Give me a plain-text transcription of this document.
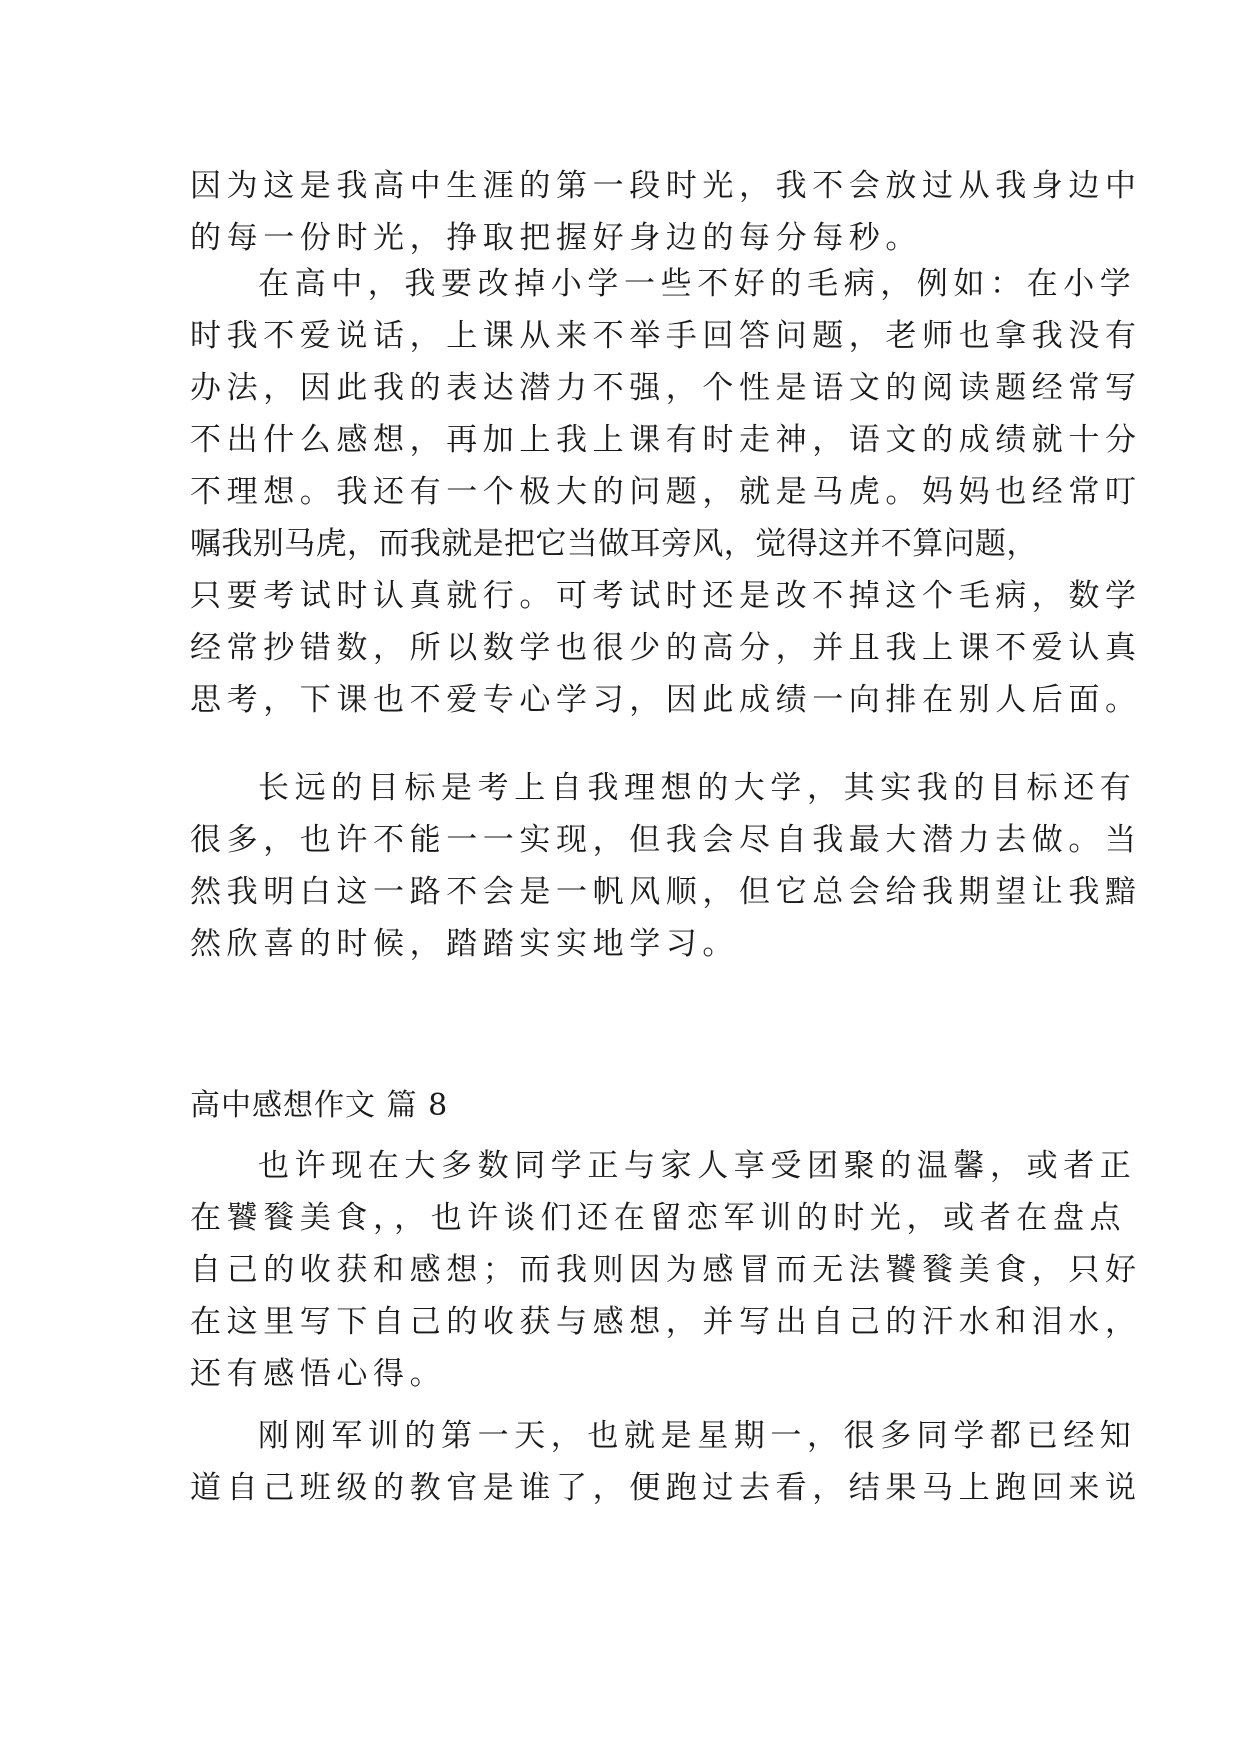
因为这是我高中生涯的第一段时光，我不会放过从我身边中

的每一份时光，挣取把握好身边的每分每秒。

在高中，我要改掉小学一些不好的毛病，例如：在小学

时我不爱说话，上课从来不举手回答问题，老师也拿我没有

办法，因此我的表达潜力不强，个性是语文的阅读题经常写

不出什么感想，再加上我上课有时走神，语文的成绩就十分

不理想。我还有一个极大的问题，就是马虎。妈妈也经常叮

嘱我别马虎，而我就是把它当做耳旁风，觉得这并不算问题，

只要考试时认真就行。可考试时还是改不掉这个毛病，数学

经常抄错数，所以数学也很少的高分，并且我上课不爱认真

思考，下课也不爱专心学习，因此成绩一向排在别人后面。

长远的目标是考上自我理想的大学，其实我的目标还有

很多，也许不能一一实现，但我会尽自我最大潜力去做。当

然我明白这一路不会是一帆风顺，但它总会给我期望让我黯

然欣喜的时候，踏踏实实地学习。

高中感想作文 篇 8

也许现在大多数同学正与家人享受团聚的温馨，或者正

在饕餮美食，，也许谈们还在留恋军训的时光，或者在盘点

自己的收获和感想；而我则因为感冒而无法饕餮美食，只好

在这里写下自己的收获与感想，并写出自己的汗水和泪水，

还有感悟心得。

刚刚军训的第一天，也就是星期一，很多同学都已经知

道自己班级的教官是谁了，便跑过去看，结果马上跑回来说
